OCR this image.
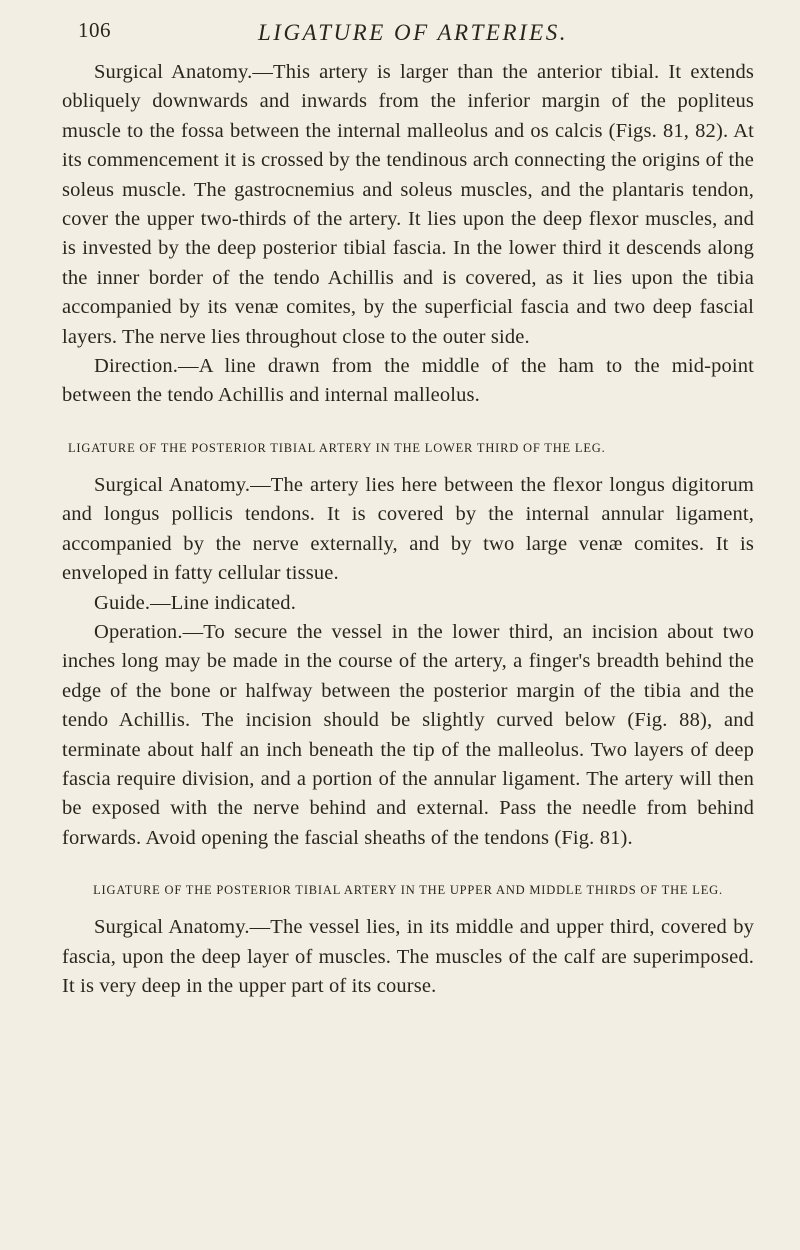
106	LIGATURE OF ARTERIES.

Surgical Anatomy.—This artery is larger than the anterior tibial. It extends obliquely downwards and inwards from the inferior margin of the popliteus muscle to the fossa between the internal malleolus and os calcis (Figs. 81, 82). At its commencement it is crossed by the tendinous arch connecting the origins of the soleus muscle. The gastrocnemius and soleus muscles, and the plantaris tendon, cover the upper two-thirds of the artery. It lies upon the deep flexor muscles, and is invested by the deep posterior tibial fascia. In the lower third it descends along the inner border of the tendo Achillis and is covered, as it lies upon the tibia accompanied by its venæ comites, by the superficial fascia and two deep fascial layers. The nerve lies throughout close to the outer side.

Direction.—A line drawn from the middle of the ham to the mid-point between the tendo Achillis and internal malleolus.

LIGATURE OF THE POSTERIOR TIBIAL ARTERY IN THE LOWER THIRD OF THE LEG.

Surgical Anatomy.—The artery lies here between the flexor longus digitorum and longus pollicis tendons. It is covered by the internal annular ligament, accompanied by the nerve externally, and by two large venæ comites. It is enveloped in fatty cellular tissue.

Guide.—Line indicated.

Operation.—To secure the vessel in the lower third, an incision about two inches long may be made in the course of the artery, a finger's breadth behind the edge of the bone or halfway between the posterior margin of the tibia and the tendo Achillis. The incision should be slightly curved below (Fig. 88), and terminate about half an inch beneath the tip of the malleolus. Two layers of deep fascia require division, and a portion of the annular ligament. The artery will then be exposed with the nerve behind and external. Pass the needle from behind forwards. Avoid opening the fascial sheaths of the tendons (Fig. 81).

LIGATURE OF THE POSTERIOR TIBIAL ARTERY IN THE UPPER AND MIDDLE THIRDS OF THE LEG.

Surgical Anatomy.—The vessel lies, in its middle and upper third, covered by fascia, upon the deep layer of muscles. The muscles of the calf are superimposed. It is very deep in the upper part of its course.
